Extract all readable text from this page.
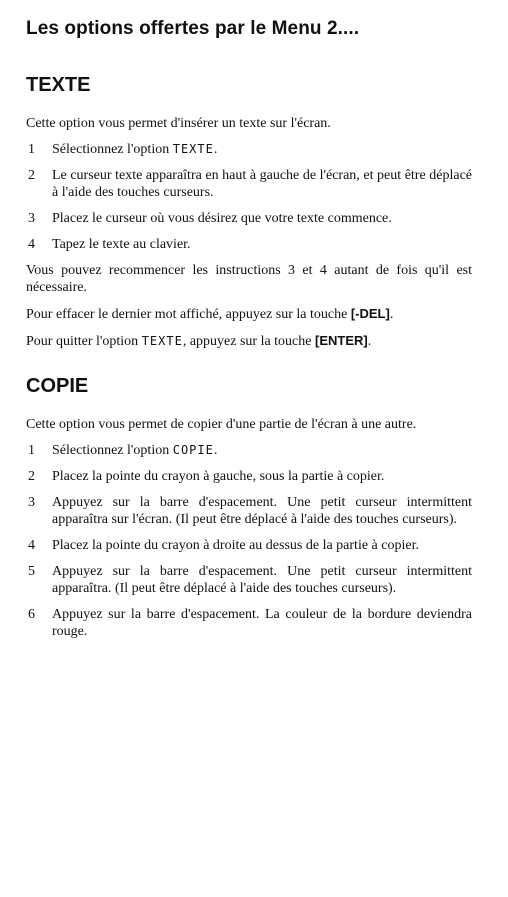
Les options offertes par le Menu 2....
TEXTE

Cette option vous permet d'insérer un texte sur l'écran.

1 Sélectionnez l'option TEXTE.
2 Le curseur texte apparaîtra en haut à gauche de l'écran, et peut être déplacé à l'aide des touches curseurs.
3 Placez le curseur où vous désirez que votre texte commence.
4 Tapez le texte au clavier.

Vous pouvez recommencer les instructions 3 et 4 autant de fois qu'il est nécessaire.

Pour effacer le dernier mot affiché, appuyez sur la touche [-DEL].

Pour quitter l'option TEXTE, appuyez sur la touche [ENTER].

COPIE

Cette option vous permet de copier d'une partie de l'écran à une autre.

1 Sélectionnez l'option COPIE.
2 Placez la pointe du crayon à gauche, sous la partie à copier.
3 Appuyez sur la barre d'espacement. Une petit curseur intermittent apparaîtra sur l'écran. (Il peut être déplacé à l'aide des touches curseurs).
4 Placez la pointe du crayon à droite au dessus de la partie à copier.
5 Appuyez sur la barre d'espacement. Une petit curseur intermittent apparaîtra. (Il peut être déplacé à l'aide des touches curseurs).
6 Appuyez sur la barre d'espacement. La couleur de la bordure deviendra rouge.
